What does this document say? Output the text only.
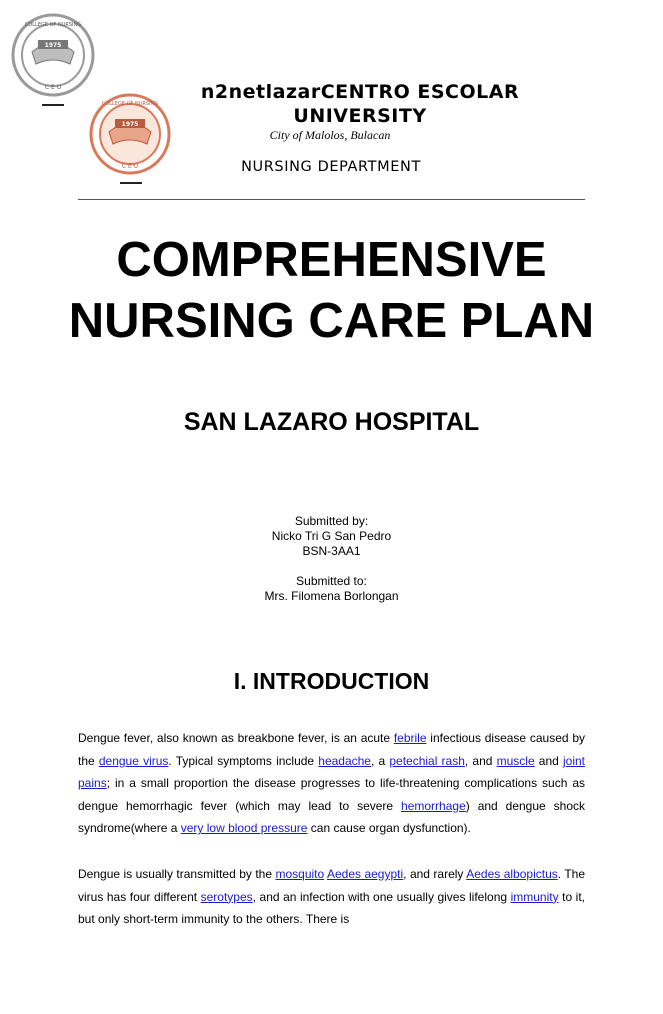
1975
COLLEGE OF NURSING
C E U
1975
COLLEGE OF NURSING
C E U
n2netlazarCENTRO ESCOLAR UNIVERSITY
City of Malolos, Bulacan
NURSING DEPARTMENT
COMPREHENSIVE NURSING CARE PLAN
SAN LAZARO HOSPITAL
Submitted by:
Nicko Tri G San Pedro
BSN-3AA1
Submitted to:
Mrs. Filomena Borlongan
I. INTRODUCTION

Dengue fever, also known as breakbone fever, is an acute febrile infectious disease caused by the dengue virus. Typical symptoms include headache, a petechial rash, and muscle and joint pains; in a small proportion the disease progresses to life-threatening complications such as dengue hemorrhagic fever (which may lead to severe hemorrhage) and dengue shock syndrome(where a very low blood pressure can cause organ dysfunction).

Dengue is usually transmitted by the mosquito Aedes aegypti, and rarely Aedes albopictus. The virus has four different serotypes, and an infection with one usually gives lifelong immunity to it, but only short-term immunity to the others. There is
